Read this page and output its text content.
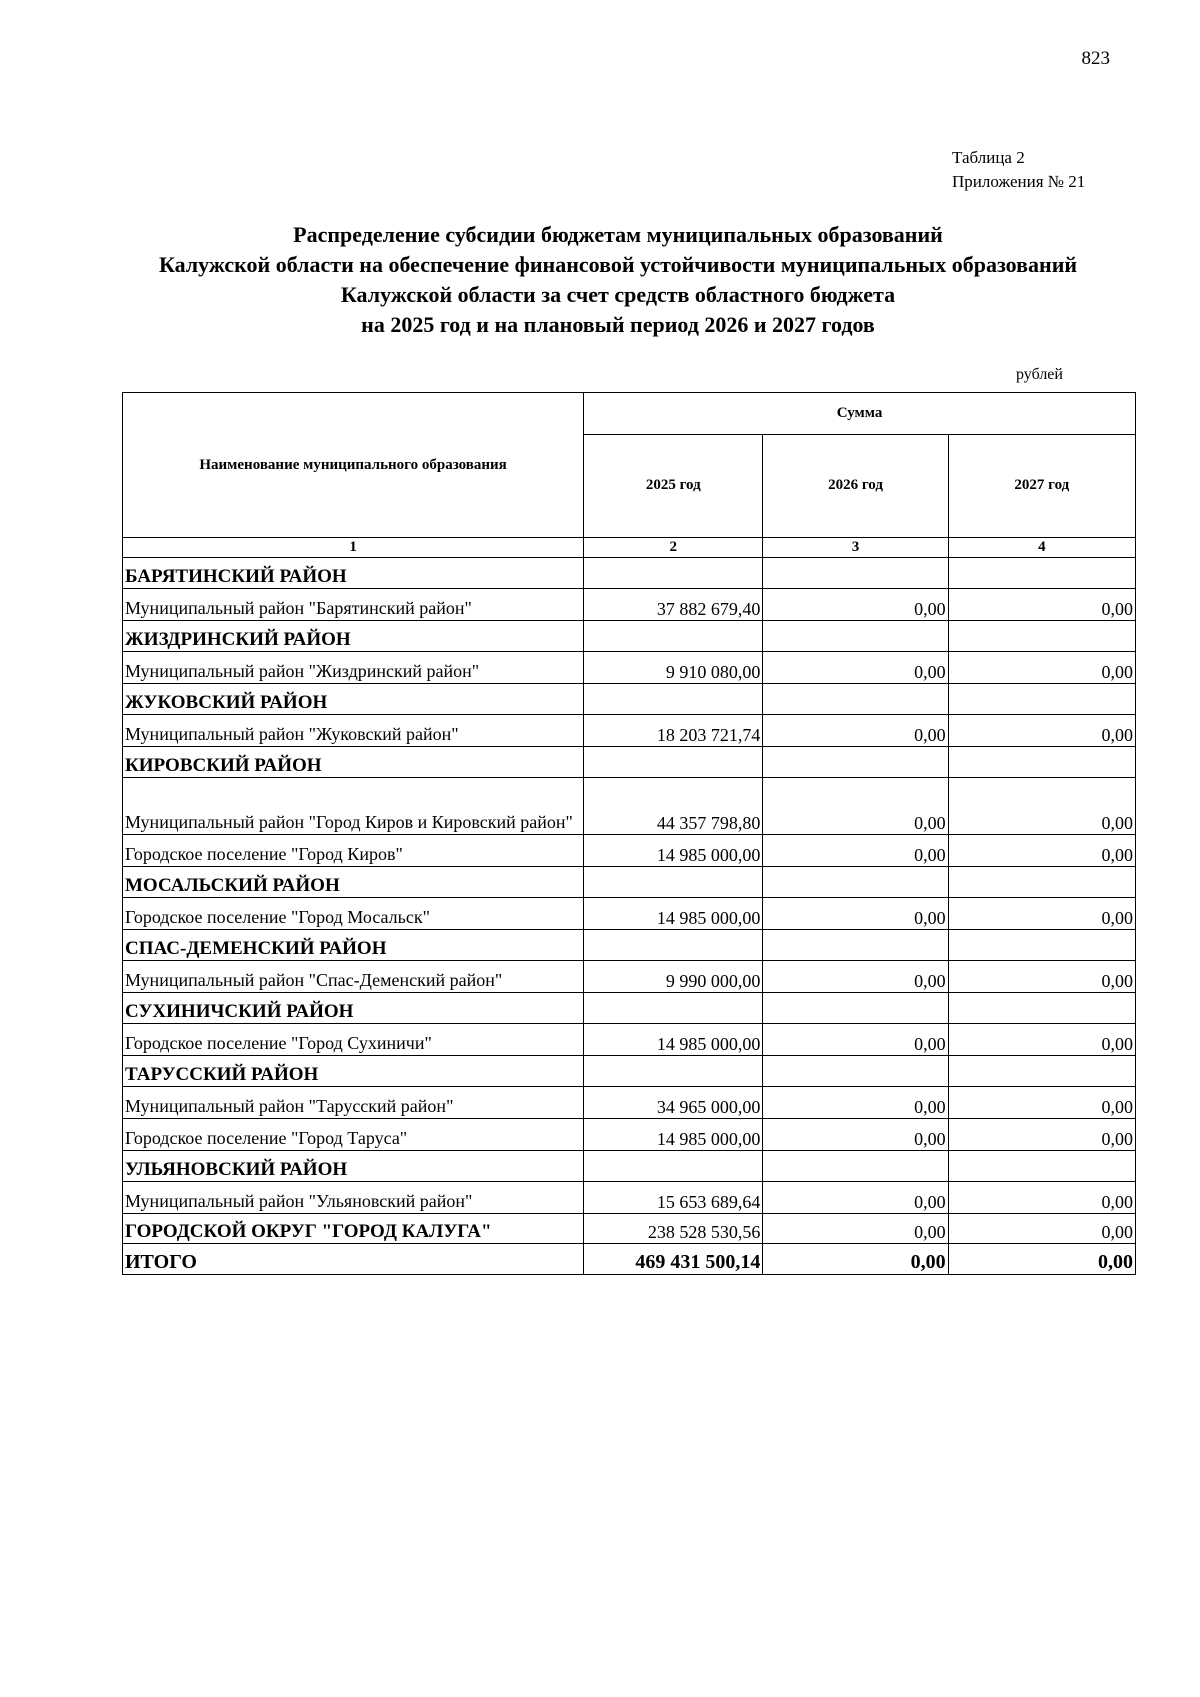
823
Таблица 2
Приложения № 21
Распределение субсидии бюджетам муниципальных образований
Калужской области на обеспечение финансовой устойчивости муниципальных образований
Калужской области за счет средств областного бюджета
на 2025 год и на плановый период 2026 и 2027 годов
рублей
Наименование муниципального образования	Сумма		
	2025 год	2026 год	2027 год
1	2	3	4
БАРЯТИНСКИЙ РАЙОН			
Муниципальный район "Барятинский район"	37 882 679,40	0,00	0,00
ЖИЗДРИНСКИЙ РАЙОН			
Муниципальный район "Жиздринский район"	9 910 080,00	0,00	0,00
ЖУКОВСКИЙ РАЙОН			
Муниципальный район "Жуковский район"	18 203 721,74	0,00	0,00
КИРОВСКИЙ РАЙОН			
Муниципальный район "Город Киров и Кировский район"	44 357 798,80	0,00	0,00
Городское поселение "Город Киров"	14 985 000,00	0,00	0,00
МОСАЛЬСКИЙ РАЙОН			
Городское поселение "Город Мосальск"	14 985 000,00	0,00	0,00
СПАС-ДЕМЕНСКИЙ РАЙОН			
Муниципальный район "Спас-Деменский район"	9 990 000,00	0,00	0,00
СУХИНИЧСКИЙ РАЙОН			
Городское поселение "Город Сухиничи"	14 985 000,00	0,00	0,00
ТАРУССКИЙ РАЙОН			
Муниципальный район "Тарусский район"	34 965 000,00	0,00	0,00
Городское поселение "Город Таруса"	14 985 000,00	0,00	0,00
УЛЬЯНОВСКИЙ РАЙОН			
Муниципальный район "Ульяновский район"	15 653 689,64	0,00	0,00
ГОРОДСКОЙ ОКРУГ "ГОРОД КАЛУГА"	238 528 530,56	0,00	0,00
ИТОГО	469 431 500,14	0,00	0,00
